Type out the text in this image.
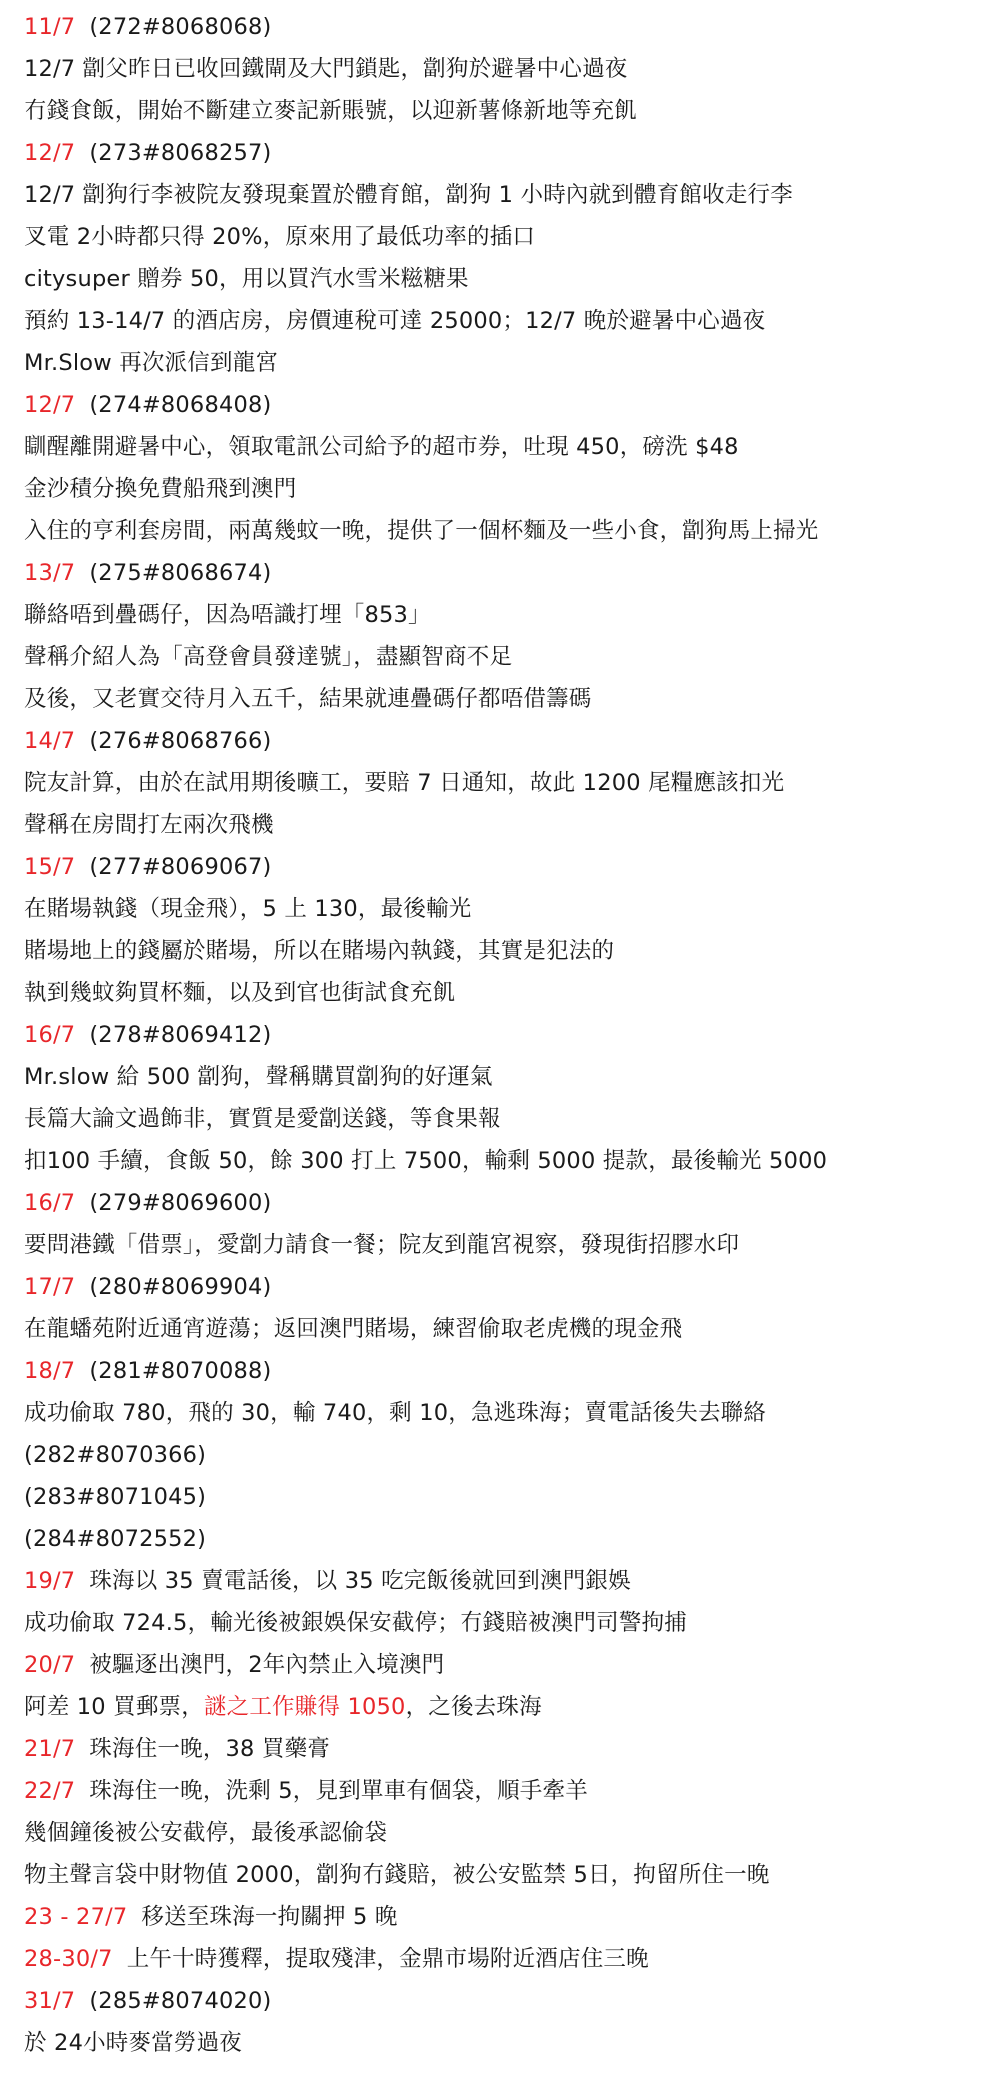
11/7 (272#8068068)
12/7 劏父昨日已收回鐵閘及大門鎖匙，劏狗於避暑中心過夜
冇錢食飯，開始不斷建立麥記新賬號，以迎新薯條新地等充飢
12/7 (273#8068257)
12/7 劏狗行李被院友發現棄置於體育館，劏狗 1 小時內就到體育館收走行李
叉電 2小時都只得 20%，原來用了最低功率的插口
citysuper 贈券 50，用以買汽水雪米糍糖果
預約 13-14/7 的酒店房，房價連稅可達 25000；12/7 晚於避暑中心過夜
Mr.Slow 再次派信到龍宮
12/7 (274#8068408)
瞓醒離開避暑中心，領取電訊公司給予的超市券，吐現 450，磅洗 $48
金沙積分換免費船飛到澳門
入住的亨利套房間，兩萬幾蚊一晚，提供了一個杯麵及一些小食，劏狗馬上掃光
13/7 (275#8068674)
聯絡唔到疊碼仔，因為唔識打埋「853」
聲稱介紹人為「高登會員發達號」，盡顯智商不足
及後，又老實交待月入五千，結果就連疊碼仔都唔借籌碼
14/7 (276#8068766)
院友計算，由於在試用期後曠工，要賠 7 日通知，故此 1200 尾糧應該扣光
聲稱在房間打左兩次飛機
15/7 (277#8069067)
在賭場執錢（現金飛），5 上 130，最後輸光
賭場地上的錢屬於賭場，所以在賭場內執錢，其實是犯法的
執到幾蚊夠買杯麵，以及到官也街試食充飢
16/7 (278#8069412)
Mr.slow 給 500 劏狗，聲稱購買劏狗的好運氣
長篇大論文過飾非，實質是愛劏送錢，等食果報
扣100 手續，食飯 50，餘 300 打上 7500，輸剩 5000 提款，最後輸光 5000
16/7 (279#8069600)
要問港鐵「借票」，愛劏力請食一餐；院友到龍宮視察，發現街招膠水印
17/7 (280#8069904)
在龍蟠苑附近通宵遊蕩；返回澳門賭場，練習偷取老虎機的現金飛
18/7 (281#8070088)
成功偷取 780，飛的 30，輸 740，剩 10，急逃珠海；賣電話後失去聯絡
(282#8070366)
(283#8071045)
(284#8072552)
19/7 珠海以 35 賣電話後，以 35 吃完飯後就回到澳門銀娛
成功偷取 724.5，輸光後被銀娛保安截停；冇錢賠被澳門司警拘捕
20/7 被驅逐出澳門，2年內禁止入境澳門
阿差 10 買郵票，謎之工作賺得 1050，之後去珠海
21/7 珠海住一晚，38 買藥膏
22/7 珠海住一晚，洗剩 5，見到單車有個袋，順手牽羊
幾個鐘後被公安截停，最後承認偷袋
物主聲言袋中財物值 2000，劏狗冇錢賠，被公安監禁 5日，拘留所住一晚
23 - 27/7 移送至珠海一拘關押 5 晚
28-30/7 上午十時獲釋，提取殘津，金鼎市場附近酒店住三晚
31/7 (285#8074020)
於 24小時麥當勞過夜
